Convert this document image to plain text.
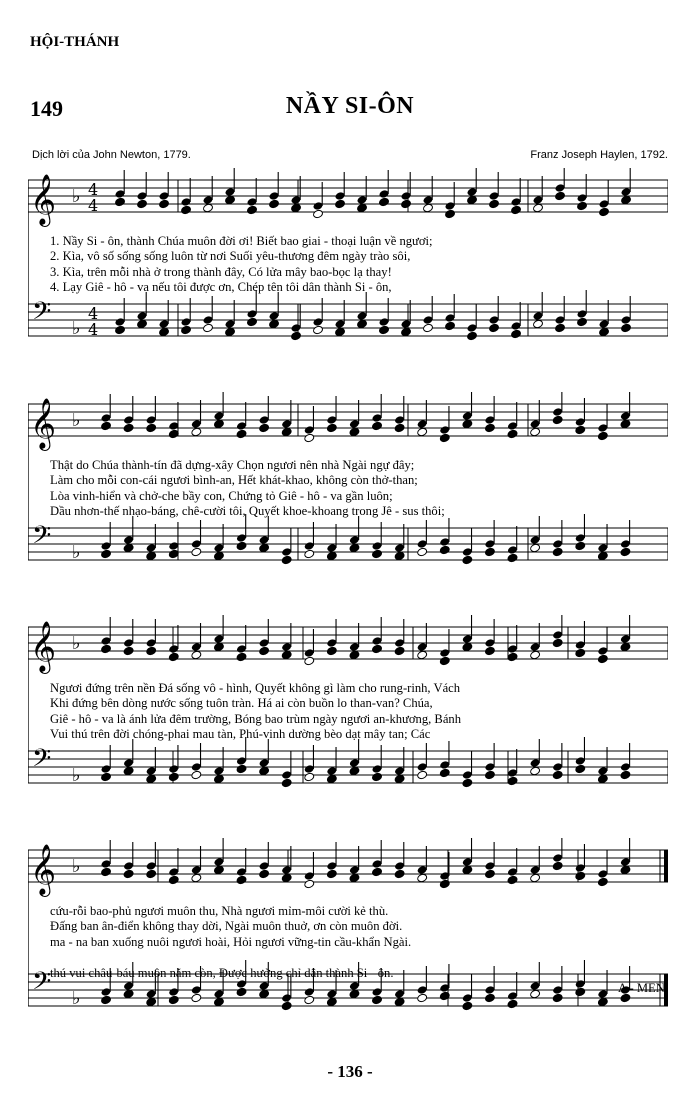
HỘI-THÁNH
149	NẦY SI-ÔN
Dịch lời của John Newton, 1779.	Franz Joseph Haylen, 1792.
𝄞 ♭ 4
4
𝄢 ♭
4
4
1. Nầy Si - ôn, thành Chúa muôn đời ơi! Biết bao giai - thoại luận về ngươi;
2. Kìa, vô số sống sống luôn từ nơi Suối yêu-thương đêm ngày trào sôi,
3. Kìa, trên mỗi nhà ở trong thành đây, Có lửa mây bao-bọc lạ thay!
4. Lạy Giê - hô - va nếu tôi được ơn, Chép tên tôi dân thành Si - ôn,
𝄞 ♭
𝄢 ♭
Thật do Chúa thành-tín đã dựng-xây Chọn ngươi nên nhà Ngài ngự đây;
Làm cho mỗi con-cái ngươi bình-an, Hết khát-khao, không còn thở-than;
Lòa vinh-hiển và chở-che bầy con, Chứng tỏ Giê - hô - va gần luôn;
Dầu nhơn-thế nhạo-báng, chê-cười tôi, Quyết khoe-khoang trong Jê - sus thôi;
𝄞 ♭
𝄢 ♭
Ngươi đứng trên nền Đá sống vô - hình, Quyết không gì làm cho rung-rinh, Vách
Khi đứng bên dòng nước sống tuôn tràn. Há ai còn buồn lo than-van? Chúa,
Giê - hô - va là ánh lửa đêm trường, Bóng bao trùm ngày ngươi an-khương, Bánh
Vui thú trên đời chóng-phai mau tàn, Phú-vinh dường bèo dạt mây tan; Các
𝄞 ♭
𝄢 ♭
cứu-rỗi bao-phủ ngươi muôn thu, Nhà ngươi mỉm-môi cười kẻ thù.
Đấng ban ân-điển không thay dời, Ngài muôn thuở, ơn còn muôn đời.
ma - na ban xuống nuôi ngươi hoài, Hỏi ngươi vững-tin cầu-khẩn Ngài.

thú vui châu-báu muôn năm còn, Được hưởng chỉ dân thành Si - ôn.

A - MEN.

- 136 -
